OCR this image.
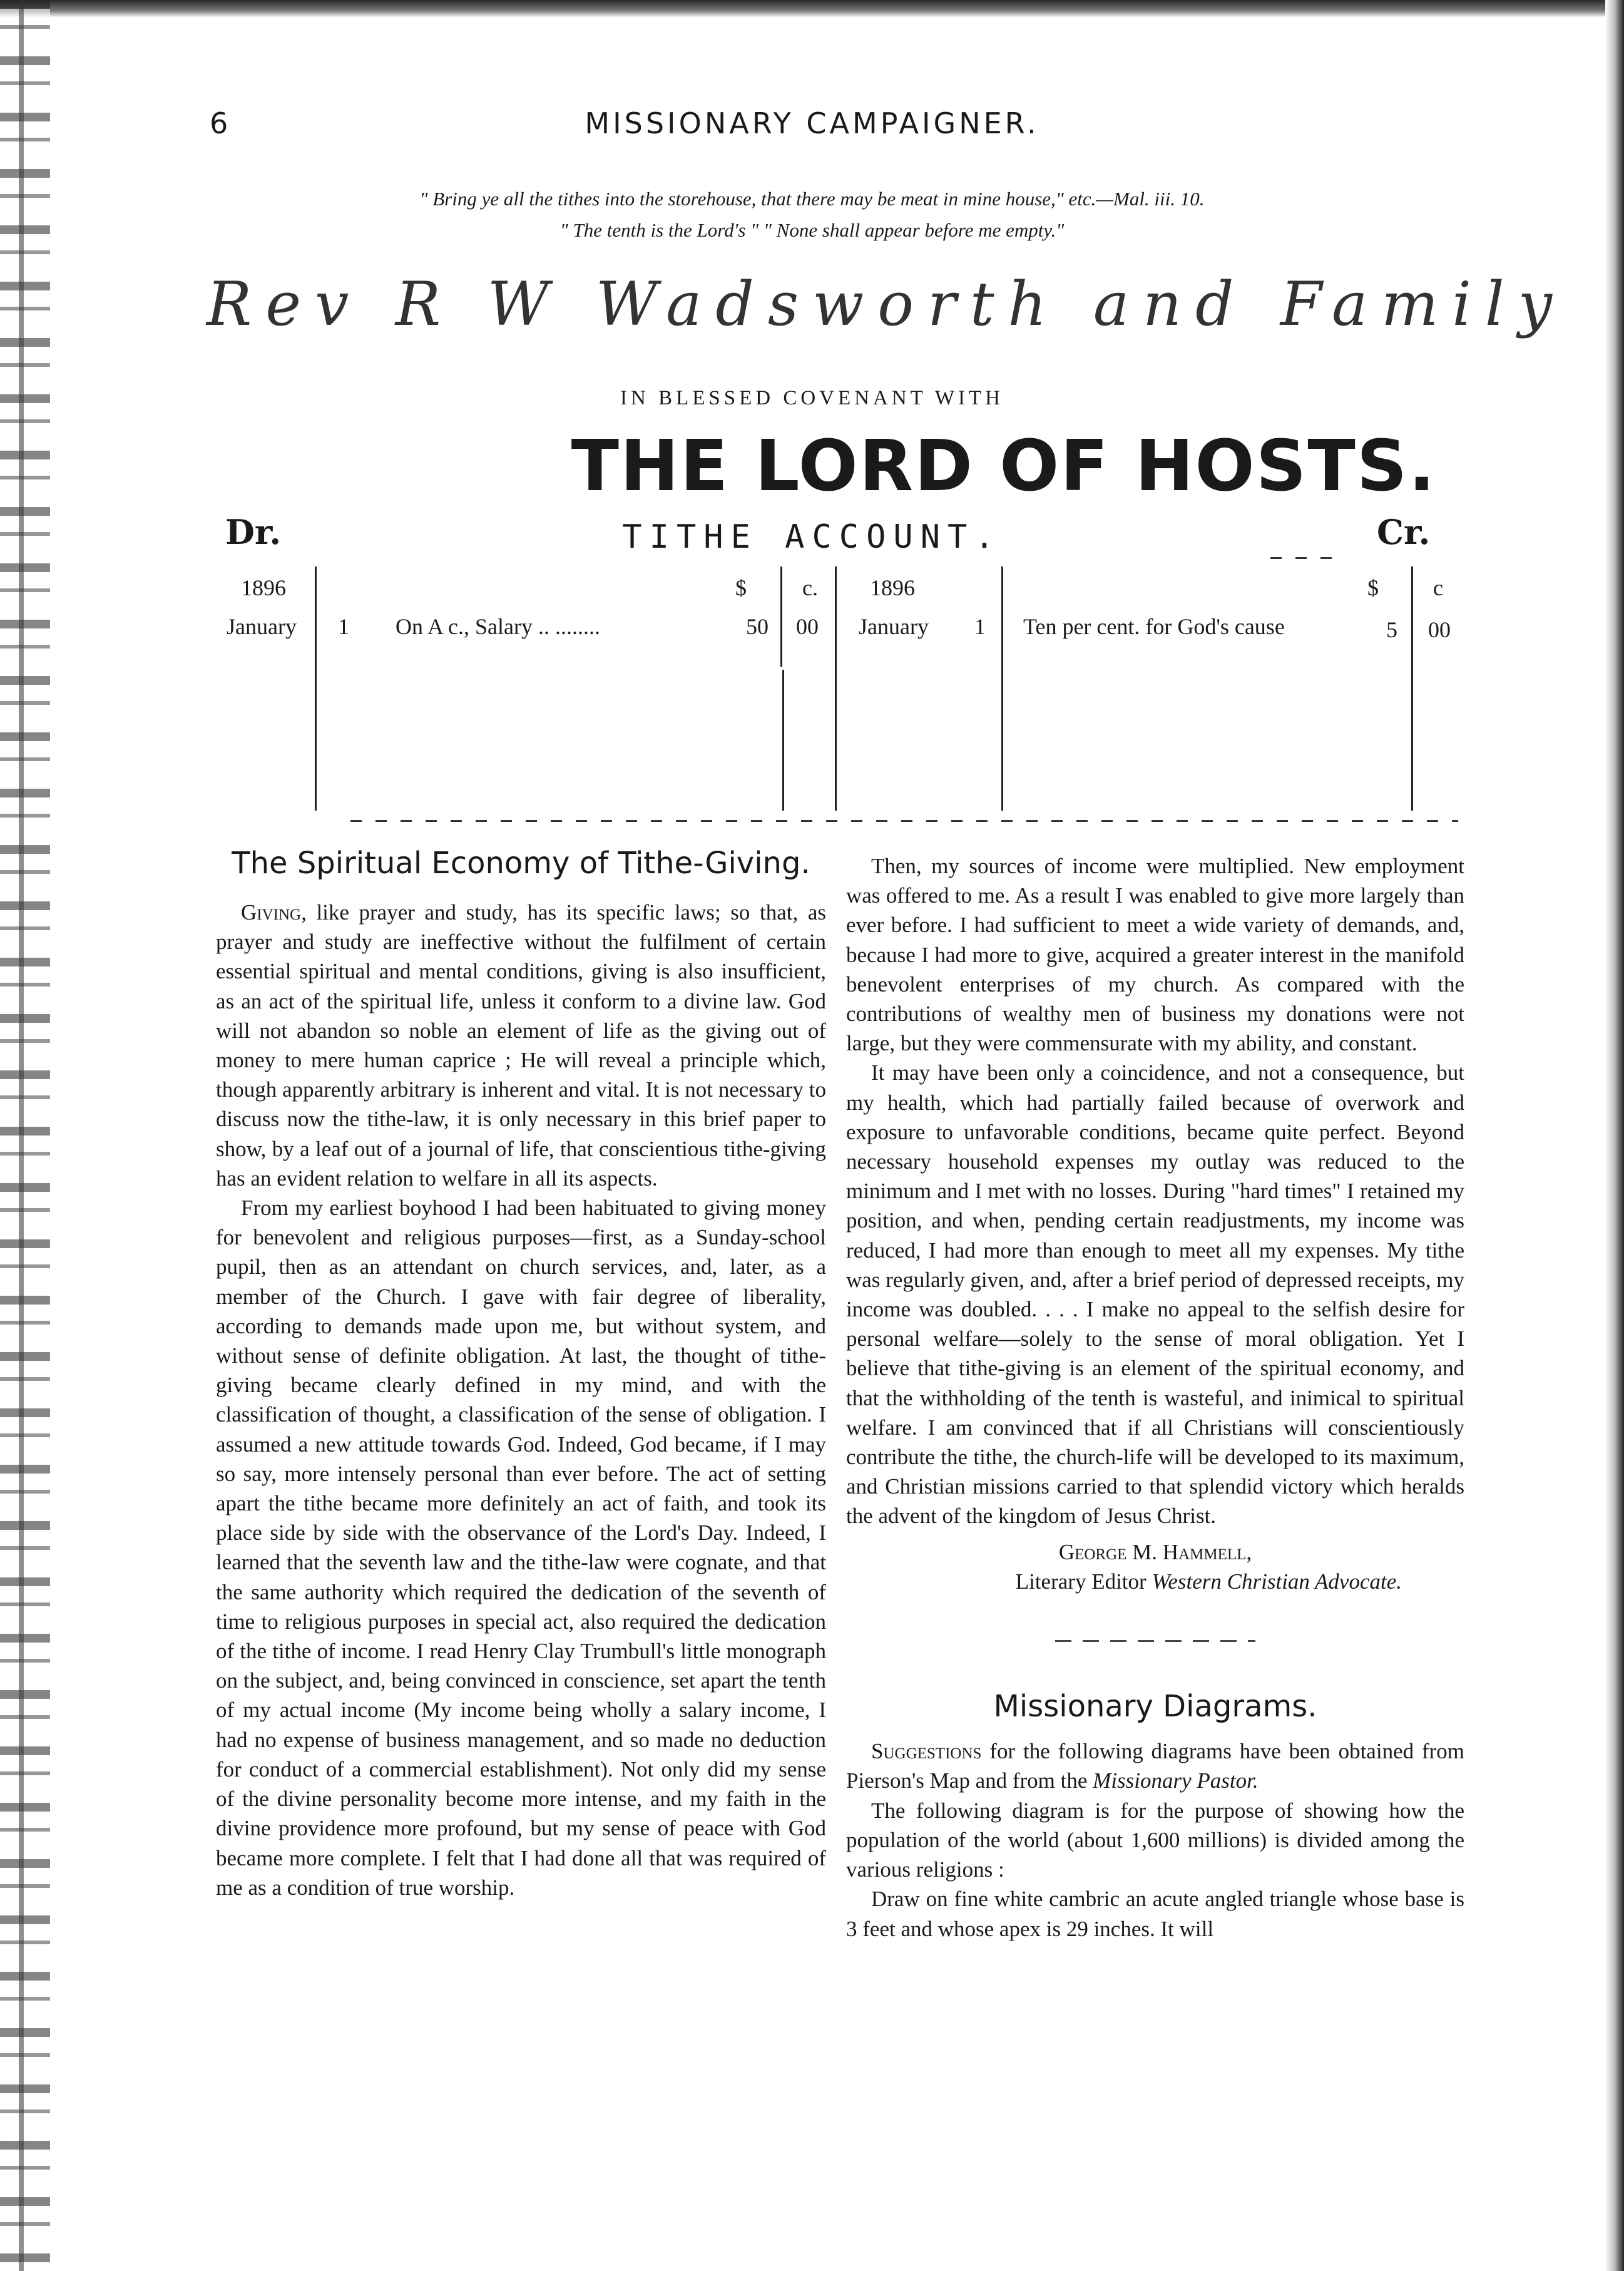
6	MISSIONARY CAMPAIGNER.
" Bring ye all the tithes into the storehouse, that there may be meat in mine house," etc.—Mal. iii. 10.
" The tenth is the Lord's " " None shall appear before me empty."
Rev R W Wadsworth and Family
IN BLESSED COVENANT WITH
THE LORD OF HOSTS.
Dr.	TITHE ACCOUNT.	Cr.
1896	$ c.
January 1 On A c., Salary .. ........	50 00
1896	$ c
January 1 Ten per cent. for God's cause	5 00
The Spiritual Economy of Tithe-Giving.

Giving, like prayer and study, has its specific laws; so that, as prayer and study are ineffective without the fulfilment of certain essential spiritual and mental conditions, giving is also insufficient, as an act of the spiritual life, unless it conform to a divine law. God will not abandon so noble an element of life as the giving out of money to mere human caprice ; He will reveal a principle which, though apparently arbitrary is inherent and vital. It is not necessary to discuss now the tithe-law, it is only necessary in this brief paper to show, by a leaf out of a journal of life, that conscientious tithe-giving has an evident relation to welfare in all its aspects.

From my earliest boyhood I had been habituated to giving money for benevolent and religious purposes—first, as a Sunday-school pupil, then as an attendant on church services, and, later, as a member of the Church. I gave with fair degree of liberality, according to demands made upon me, but without system, and without sense of definite obligation. At last, the thought of tithe-giving became clearly defined in my mind, and with the classification of thought, a classification of the sense of obligation. I assumed a new attitude towards God. Indeed, God became, if I may so say, more intensely personal than ever before. The act of setting apart the tithe became more definitely an act of faith, and took its place side by side with the observance of the Lord's Day. Indeed, I learned that the seventh law and the tithe-law were cognate, and that the same authority which required the dedication of the seventh of time to religious purposes in special act, also required the dedication of the tithe of income. I read Henry Clay Trumbull's little monograph on the subject, and, being convinced in conscience, set apart the tenth of my actual income (My income being wholly a salary income, I had no expense of business management, and so made no deduction for conduct of a commercial establishment). Not only did my sense of the divine personality become more intense, and my faith in the divine providence more profound, but my sense of peace with God became more complete. I felt that I had done all that was required of me as a condition of true worship.

Then, my sources of income were multiplied. New employment was offered to me. As a result I was enabled to give more largely than ever before. I had sufficient to meet a wide variety of demands, and, because I had more to give, acquired a greater interest in the manifold benevolent enterprises of my church. As compared with the contributions of wealthy men of business my donations were not large, but they were commensurate with my ability, and constant.

It may have been only a coincidence, and not a consequence, but my health, which had partially failed because of overwork and exposure to unfavorable conditions, became quite perfect. Beyond necessary household expenses my outlay was reduced to the minimum and I met with no losses. During "hard times" I retained my position, and when, pending certain readjustments, my income was reduced, I had more than enough to meet all my expenses. My tithe was regularly given, and, after a brief period of depressed receipts, my income was doubled. . . . I make no appeal to the selfish desire for personal welfare—solely to the sense of moral obligation. Yet I believe that tithe-giving is an element of the spiritual economy, and that the withholding of the tenth is wasteful, and inimical to spiritual welfare. I am convinced that if all Christians will conscientiously contribute the tithe, the church-life will be developed to its maximum, and Christian missions carried to that splendid victory which heralds the advent of the kingdom of Jesus Christ.

George M. Hammell,
Literary Editor Western Christian Advocate.
Missionary Diagrams.

Suggestions for the following diagrams have been obtained from Pierson's Map and from the Missionary Pastor.

The following diagram is for the purpose of showing how the population of the world (about 1,600 millions) is divided among the various religions :

Draw on fine white cambric an acute angled triangle whose base is 3 feet and whose apex is 29 inches. It will
